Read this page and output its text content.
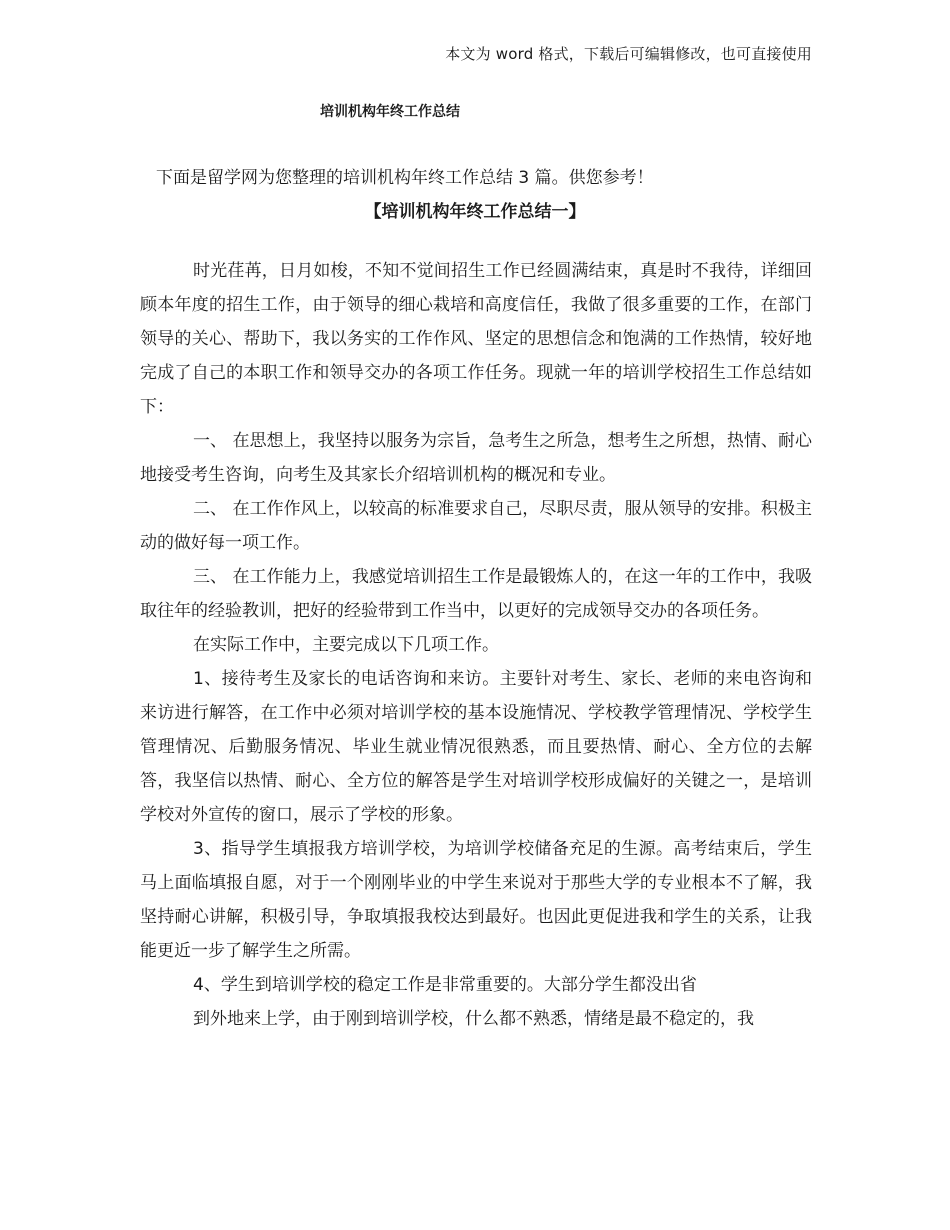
本文为 word 格式，下载后可编辑修改，也可直接使用
培训机构年终工作总结
下面是留学网为您整理的培训机构年终工作总结 3 篇。供您参考！
【培训机构年终工作总结一】

时光荏苒，日月如梭，不知不觉间招生工作已经圆满结束，真是时不我待，详细回顾本年度的招生工作，由于领导的细心栽培和高度信任，我做了很多重要的工作，在部门领导的关心、帮助下，我以务实的工作作风、坚定的思想信念和饱满的工作热情，较好地完成了自己的本职工作和领导交办的各项工作任务。现就一年的培训学校招生工作总结如下：

一、 在思想上，我坚持以服务为宗旨，急考生之所急，想考生之所想，热情、耐心地接受考生咨询，向考生及其家长介绍培训机构的概况和专业。

二、 在工作作风上，以较高的标准要求自己，尽职尽责，服从领导的安排。积极主动的做好每一项工作。

三、 在工作能力上，我感觉培训招生工作是最锻炼人的，在这一年的工作中，我吸取往年的经验教训，把好的经验带到工作当中，以更好的完成领导交办的各项任务。

在实际工作中，主要完成以下几项工作。

1、接待考生及家长的电话咨询和来访。主要针对考生、家长、老师的来电咨询和来访进行解答，在工作中必须对培训学校的基本设施情况、学校教学管理情况、学校学生管理情况、后勤服务情况、毕业生就业情况很熟悉，而且要热情、耐心、全方位的去解答，我坚信以热情、耐心、全方位的解答是学生对培训学校形成偏好的关键之一，是培训学校对外宣传的窗口，展示了学校的形象。

3、指导学生填报我方培训学校，为培训学校储备充足的生源。高考结束后，学生马上面临填报自愿，对于一个刚刚毕业的中学生来说对于那些大学的专业根本不了解，我坚持耐心讲解，积极引导，争取填报我校达到最好。也因此更促进我和学生的关系，让我能更近一步了解学生之所需。

4、学生到培训学校的稳定工作是非常重要的。大部分学生都没出省

到外地来上学，由于刚到培训学校，什么都不熟悉，情绪是最不稳定的，我
